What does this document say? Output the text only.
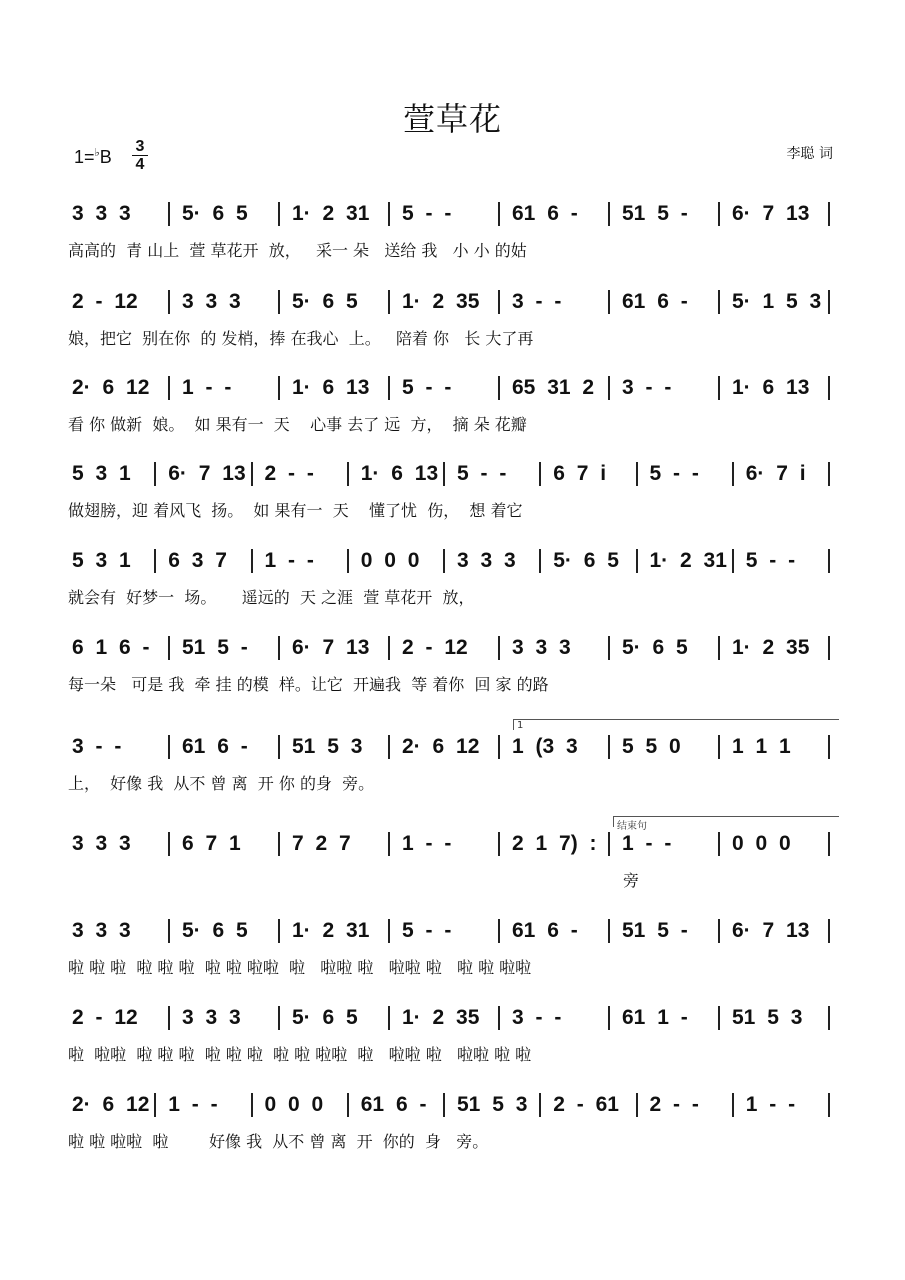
萱草花
1=♭B
3
4
李聪 词
3 3 3 5· 6 5 1· 2 31 5 - -	61 6 - 51 5 - 6· 7 13
高高的  青 山上  萱 草花开  放，   采一 朵   送给 我   小 小 的姑
2 - 12 3 3 3 5· 6 5 1· 2 35 3 - -	61 6 - 5· 1 5 3
娘，把它  别在你  的 发梢，捧 在我心  上。   陪着 你   长 大了再
2· 6 12 1 - -	1· 6 13 5 - -	65 31 2 3 - -	1· 6 13
看 你 做新  娘。  如 果有一  天    心事 去了 远  方，  摘 朵 花瓣
5 3 1 6· 7 13 2 - - 1· 6 13 5 - - 6 7 i 5 - - 6· 7 i
做翅膀，迎 着风飞  扬。  如 果有一  天    懂了忧  伤，  想 着它
5 3 1 6 3 7 1 - - 0 0 0 3 3 3 5· 6 5 1· 2 31 5 - -
就会有  好梦一  场。     遥远的  天 之涯  萱 草花开  放，
6 1 6 - 51 5 - 6· 7 13 2 - 12 3 3 3 5· 6 5 1· 2 35
每一朵   可是 我  牵 挂 的模  样。让它  开遍我  等 着你  回 家 的路
3 - -	61 6 - 51 5 3 2· 6 12 1 (3 3 5 5 0 1 1 1
上，  好像 我  从不 曾 离  开 你 的身  旁。
1
3 3 3 6 7 1 7 2 7 1 - -	2 1 7) : 1 - -	0 0 0
旁
结束句
3 3 3 5· 6 5 1· 2 31 5 - -	61 6 - 51 5 - 6· 7 13
啦 啦 啦  啦 啦 啦  啦 啦 啦啦  啦   啦啦 啦   啦啦 啦   啦 啦 啦啦
2 - 12 3 3 3 5· 6 5 1· 2 35 3 - -	61 1 - 51 5 3
啦  啦啦  啦 啦 啦  啦 啦 啦  啦 啦 啦啦  啦   啦啦 啦   啦啦 啦 啦
2· 6 12 1 - - 0 0 0 61 6 - 51 5 3 2 - 61 2 - - 1 - -
啦 啦 啦啦  啦        好像 我  从不 曾 离  开  你的  身   旁。
